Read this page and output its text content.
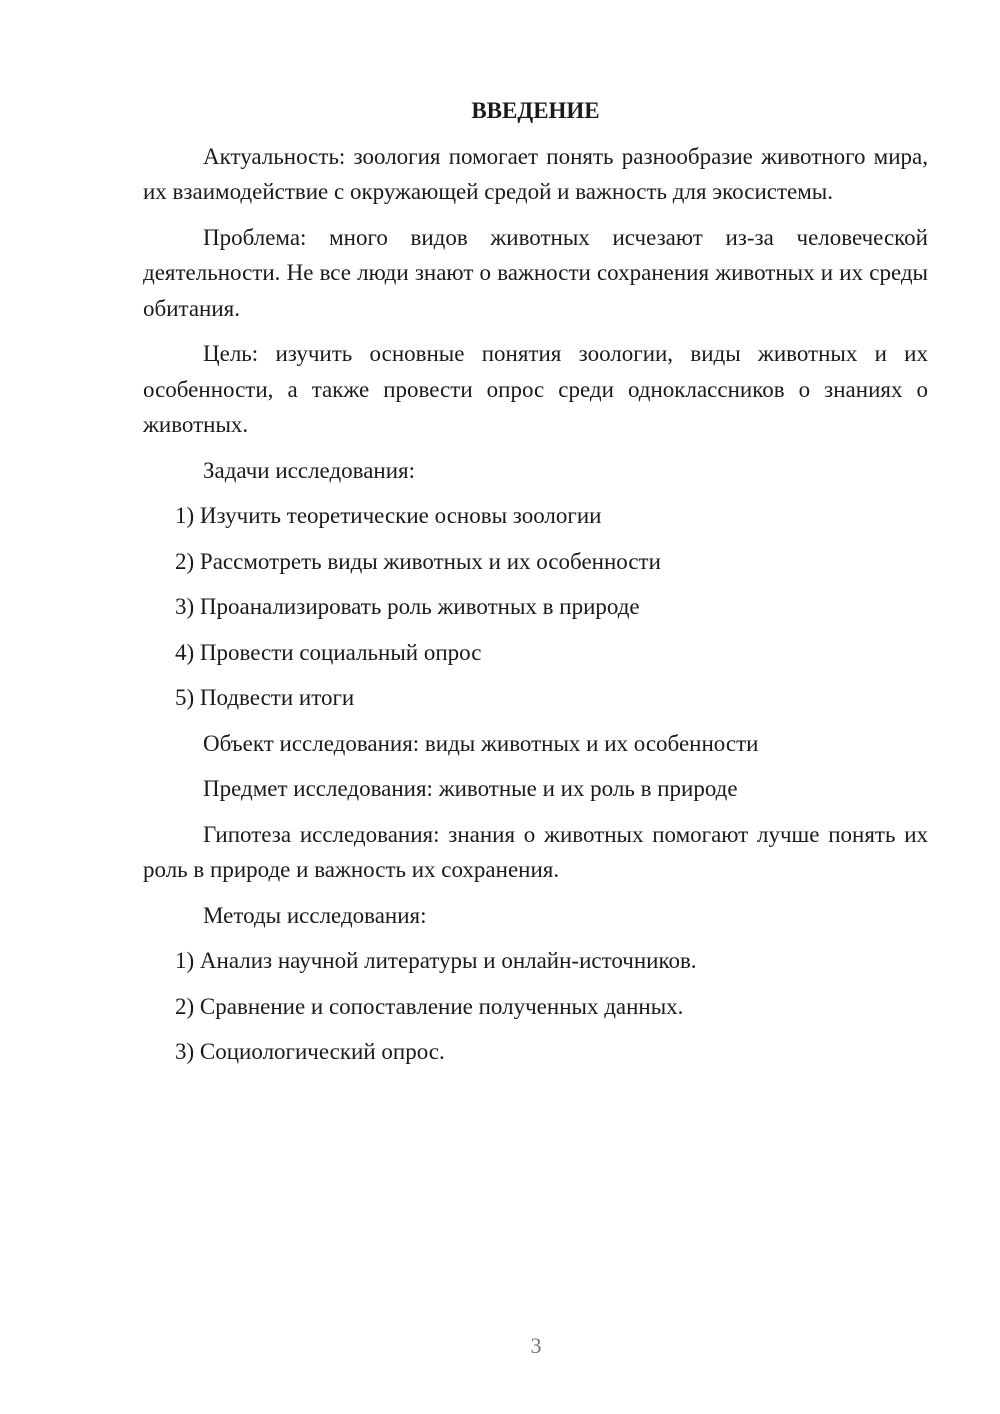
ВВЕДЕНИЕ

Актуальность: зоология помогает понять разнообразие животного мира, их взаимодействие с окружающей средой и важность для экосистемы.

Проблема: много видов животных исчезают из-за человеческой деятельности. Не все люди знают о важности сохранения животных и их среды обитания.

Цель: изучить основные понятия зоологии, виды животных и их особенности, а также провести опрос среди одноклассников о знаниях о животных.

Задачи исследования:

1) Изучить теоретические основы зоологии

2) Рассмотреть виды животных и их особенности

3) Проанализировать роль животных в природе

4) Провести социальный опрос

5) Подвести итоги

Объект исследования: виды животных и их особенности

Предмет исследования: животные и их роль в природе

Гипотеза исследования: знания о животных помогают лучше понять их роль в природе и важность их сохранения.

Методы исследования:

1) Анализ научной литературы и онлайн-источников.

2) Сравнение и сопоставление полученных данных.

3) Социологический опрос.

3
